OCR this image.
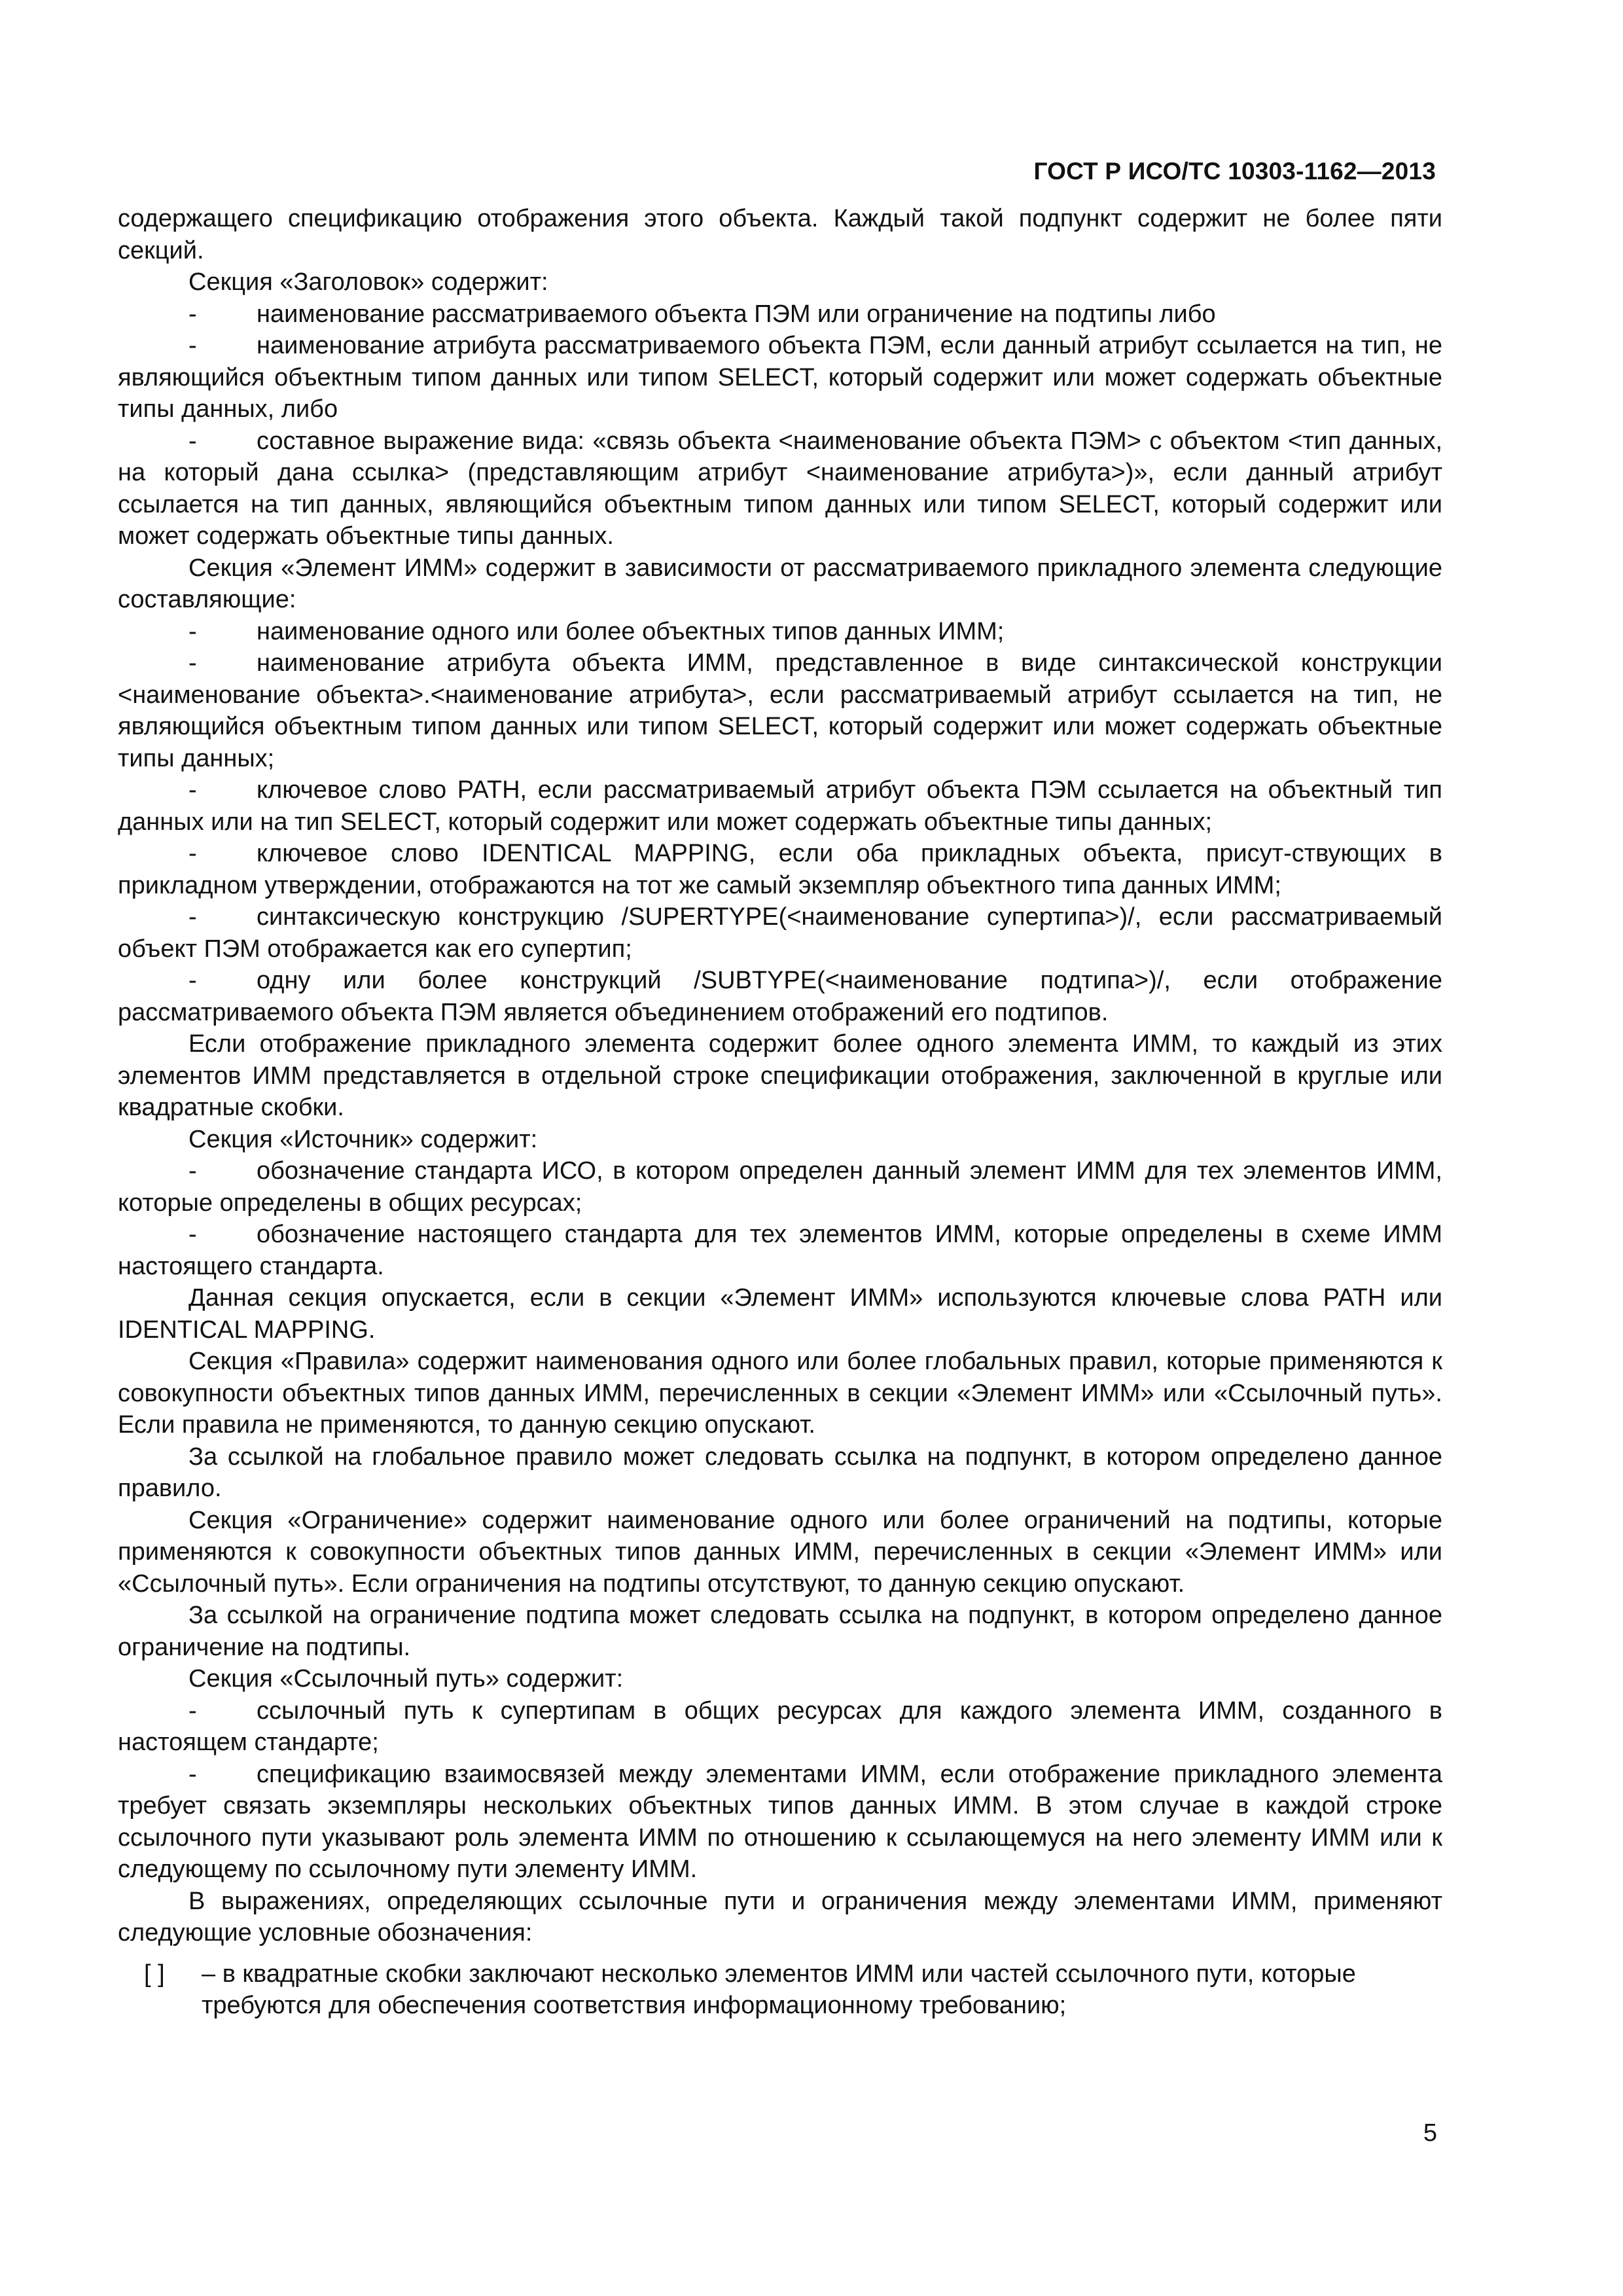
ГОСТ Р ИСО/ТС 10303-1162—2013

содержащего спецификацию отображения этого объекта. Каждый такой подпункт содержит не более пяти секций.

Секция «Заголовок» содержит:

- наименование рассматриваемого объекта ПЭМ или ограничение на подтипы либо

- наименование атрибута рассматриваемого объекта ПЭМ, если данный атрибут ссылается на тип, не являющийся объектным типом данных или типом SELECT, который содержит или может содержать объектные типы данных, либо

- составное выражение вида: «связь объекта <наименование объекта ПЭМ> с объектом <тип данных, на который дана ссылка> (представляющим атрибут <наименование атрибута>)», если данный атрибут ссылается на тип данных, являющийся объектным типом данных или типом SELECT, который содержит или может содержать объектные типы данных.

Секция «Элемент ИММ» содержит в зависимости от рассматриваемого прикладного элемента следующие составляющие:

- наименование одного или более объектных типов данных ИММ;

- наименование атрибута объекта ИММ, представленное в виде синтаксической конструкции <наименование объекта>.<наименование атрибута>, если рассматриваемый атрибут ссылается на тип, не являющийся объектным типом данных или типом SELECT, который содержит или может содержать объектные типы данных;

- ключевое слово PATH, если рассматриваемый атрибут объекта ПЭМ ссылается на объектный тип данных или на тип SELECT, который содержит или может содержать объектные типы данных;

- ключевое слово IDENTICAL MAPPING, если оба прикладных объекта, присут-ствующих в прикладном утверждении, отображаются на тот же самый экземпляр объектного типа данных ИММ;

- синтаксическую конструкцию /SUPERTYPE(<наименование супертипа>)/, если рассматриваемый объект ПЭМ отображается как его супертип;

- одну или более конструкций /SUBTYPE(<наименование подтипа>)/, если отображение рассматриваемого объекта ПЭМ является объединением отображений его подтипов.

Если отображение прикладного элемента содержит более одного элемента ИММ, то каждый из этих элементов ИММ представляется в отдельной строке спецификации отображения, заключенной в круглые или квадратные скобки.

Секция «Источник» содержит:

- обозначение стандарта ИСО, в котором определен данный элемент ИММ для тех элементов ИММ, которые определены в общих ресурсах;

- обозначение настоящего стандарта для тех элементов ИММ, которые определены в схеме ИММ настоящего стандарта.

Данная секция опускается, если в секции «Элемент ИММ» используются ключевые слова PATH или IDENTICAL MAPPING.

Секция «Правила» содержит наименования одного или более глобальных правил, которые применяются к совокупности объектных типов данных ИММ, перечисленных в секции «Элемент ИММ» или «Ссылочный путь». Если правила не применяются, то данную секцию опускают.

За ссылкой на глобальное правило может следовать ссылка на подпункт, в котором определено данное правило.

Секция «Ограничение» содержит наименование одного или более ограничений на подтипы, которые применяются к совокупности объектных типов данных ИММ, перечисленных в секции «Элемент ИММ» или «Ссылочный путь». Если ограничения на подтипы отсутствуют, то данную секцию опускают.

За ссылкой на ограничение подтипа может следовать ссылка на подпункт, в котором определено данное ограничение на подтипы.

Секция «Ссылочный путь» содержит:

- ссылочный путь к супертипам в общих ресурсах для каждого элемента ИММ, созданного в настоящем стандарте;

- спецификацию взаимосвязей между элементами ИММ, если отображение прикладного элемента требует связать экземпляры нескольких объектных типов данных ИММ. В этом случае в каждой строке ссылочного пути указывают роль элемента ИММ по отношению к ссылающемуся на него элементу ИММ или к следующему по ссылочному пути элементу ИММ.

В выражениях, определяющих ссылочные пути и ограничения между элементами ИММ, применяют следующие условные обозначения:

[ ]	– в квадратные скобки заключают несколько элементов ИММ или частей ссылочного пути, которые требуются для обеспечения соответствия информационному требованию;
5
